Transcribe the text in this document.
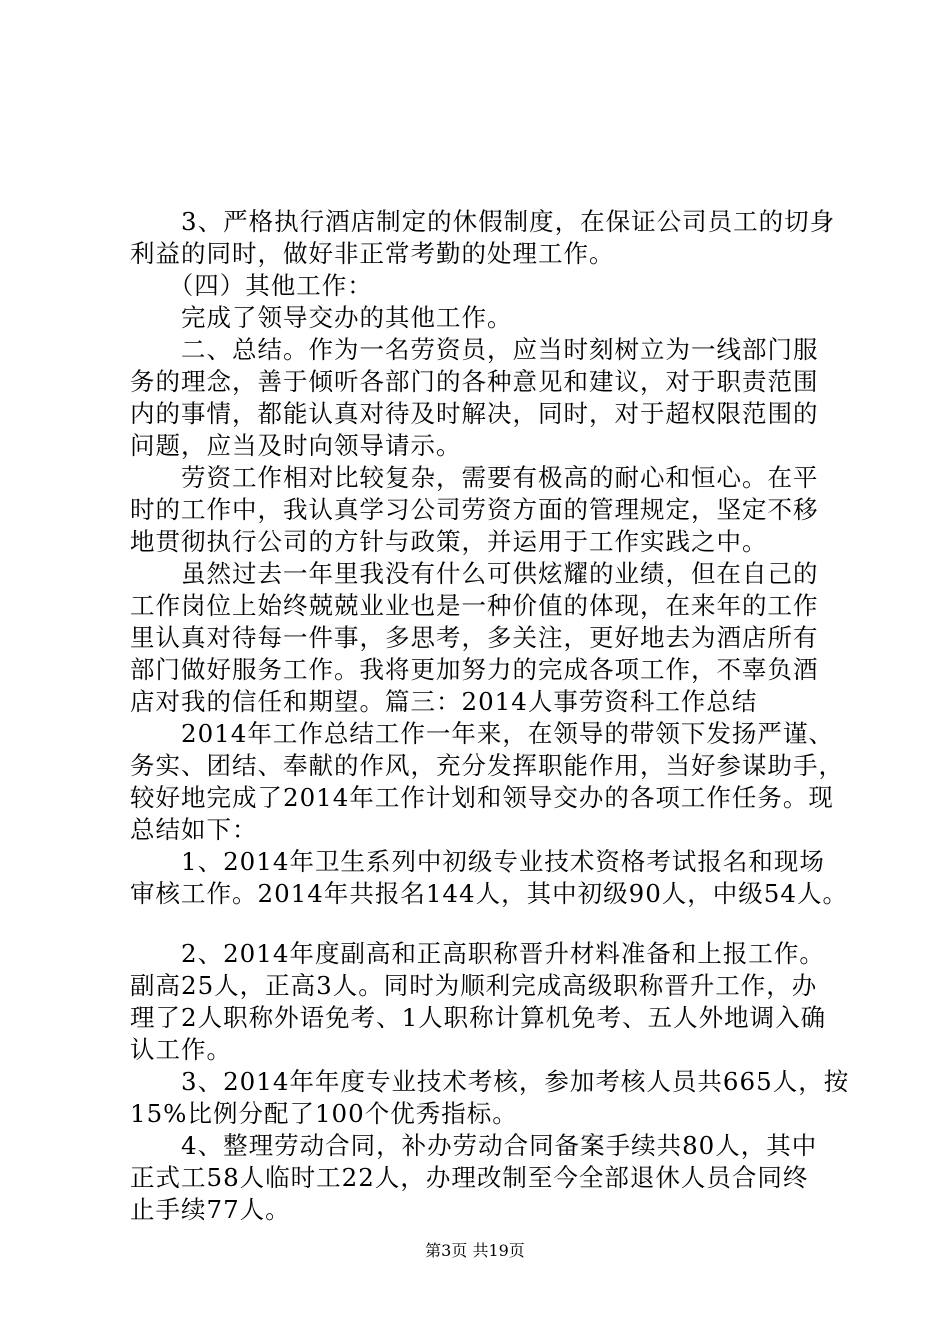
　　3、严格执行酒店制定的休假制度，在保证公司员工的切身
利益的同时，做好非正常考勤的处理工作。
　　（四）其他工作：
　　完成了领导交办的其他工作。
　　二、总结。作为一名劳资员，应当时刻树立为一线部门服
务的理念，善于倾听各部门的各种意见和建议，对于职责范围
内的事情，都能认真对待及时解决，同时，对于超权限范围的
问题，应当及时向领导请示。
　　劳资工作相对比较复杂，需要有极高的耐心和恒心。在平
时的工作中，我认真学习公司劳资方面的管理规定，坚定不移
地贯彻执行公司的方针与政策，并运用于工作实践之中。
　　虽然过去一年里我没有什么可供炫耀的业绩，但在自己的
工作岗位上始终兢兢业业也是一种价值的体现，在来年的工作
里认真对待每一件事，多思考，多关注，更好地去为酒店所有
部门做好服务工作。我将更加努力的完成各项工作，不辜负酒
店对我的信任和期望。篇三：2014人事劳资科工作总结
　　2014年工作总结工作一年来，在领导的带领下发扬严谨、
务实、团结、奉献的作风，充分发挥职能作用，当好参谋助手，
较好地完成了2014年工作计划和领导交办的各项工作任务。现
总结如下：
　　1、2014年卫生系列中初级专业技术资格考试报名和现场
审核工作。2014年共报名144人，其中初级90人，中级54人。
　　2、2014年度副高和正高职称晋升材料准备和上报工作。
副高25人，正高3人。同时为顺利完成高级职称晋升工作，办
理了2人职称外语免考、1人职称计算机免考、五人外地调入确
认工作。
　　3、2014年年度专业技术考核，参加考核人员共665人，按
15%比例分配了100个优秀指标。
　　4、整理劳动合同，补办劳动合同备案手续共80人，其中
正式工58人临时工22人，办理改制至今全部退休人员合同终
止手续77人。
第3页 共19页
